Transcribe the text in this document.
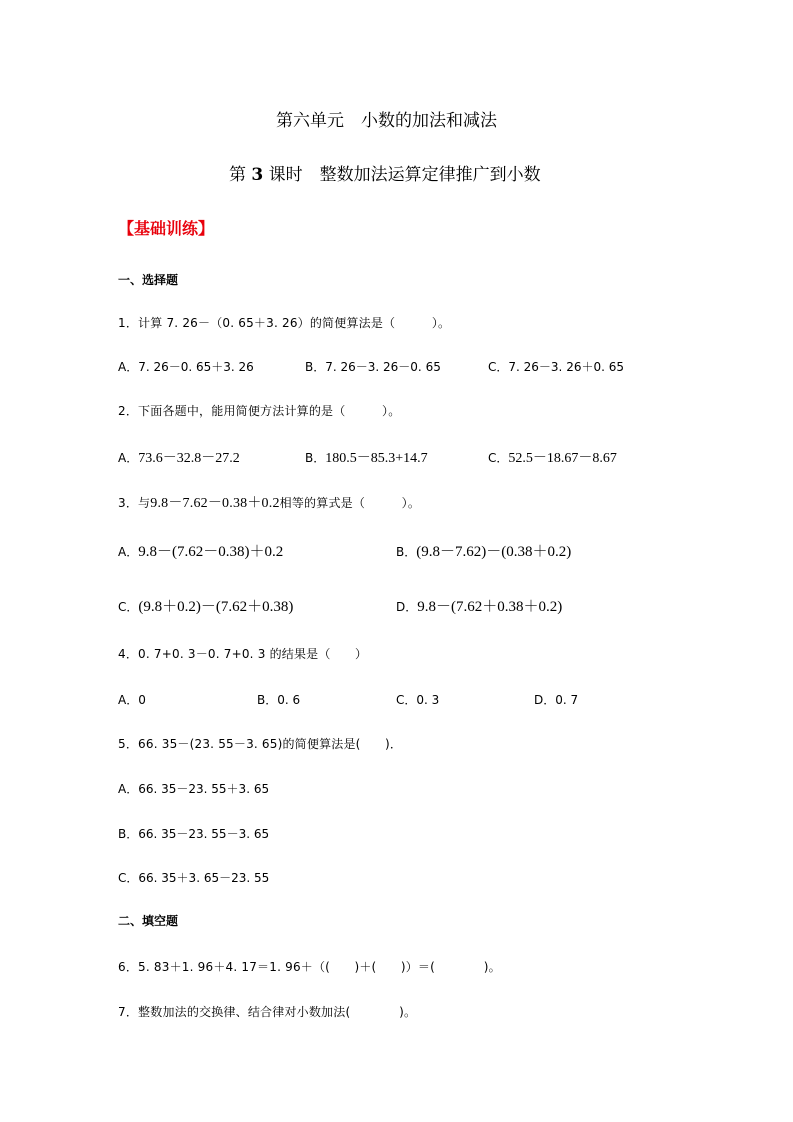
第六单元　小数的加法和减法
第 3 课时　整数加法运算定律推广到小数
【基础训练】
一、选择题
1．计算 7. 26－（0. 65＋3. 26）的简便算法是（　　　）。
A．7. 26－0. 65＋3. 26	B．7. 26－3. 26－0. 65	C．7. 26－3. 26＋0. 65
2．下面各题中，能用简便方法计算的是（　　　）。
A．73.6－32.8－27.2	B．180.5－85.3+14.7	C．52.5－18.67－8.67
3．与9.8－7.62－0.38＋0.2相等的算式是（　　　）。
A．9.8－(7.62－0.38)＋0.2	B．(9.8－7.62)－(0.38＋0.2)
C．(9.8＋0.2)－(7.62＋0.38)	D．9.8－(7.62＋0.38＋0.2)
4．0. 7+0. 3－0. 7+0. 3 的结果是（　　）
A．0	B．0. 6	C．0. 3	D．0. 7
5．66. 35－(23. 55－3. 65)的简便算法是(　　)．
A．66. 35－23. 55＋3. 65
B．66. 35－23. 55－3. 65
C．66. 35＋3. 65－23. 55
二、填空题
6．5. 83＋1. 96＋4. 17＝1. 96＋（(　　)＋(　　)）＝(　　　　)。
7．整数加法的交换律、结合律对小数加法(　　　　)。
